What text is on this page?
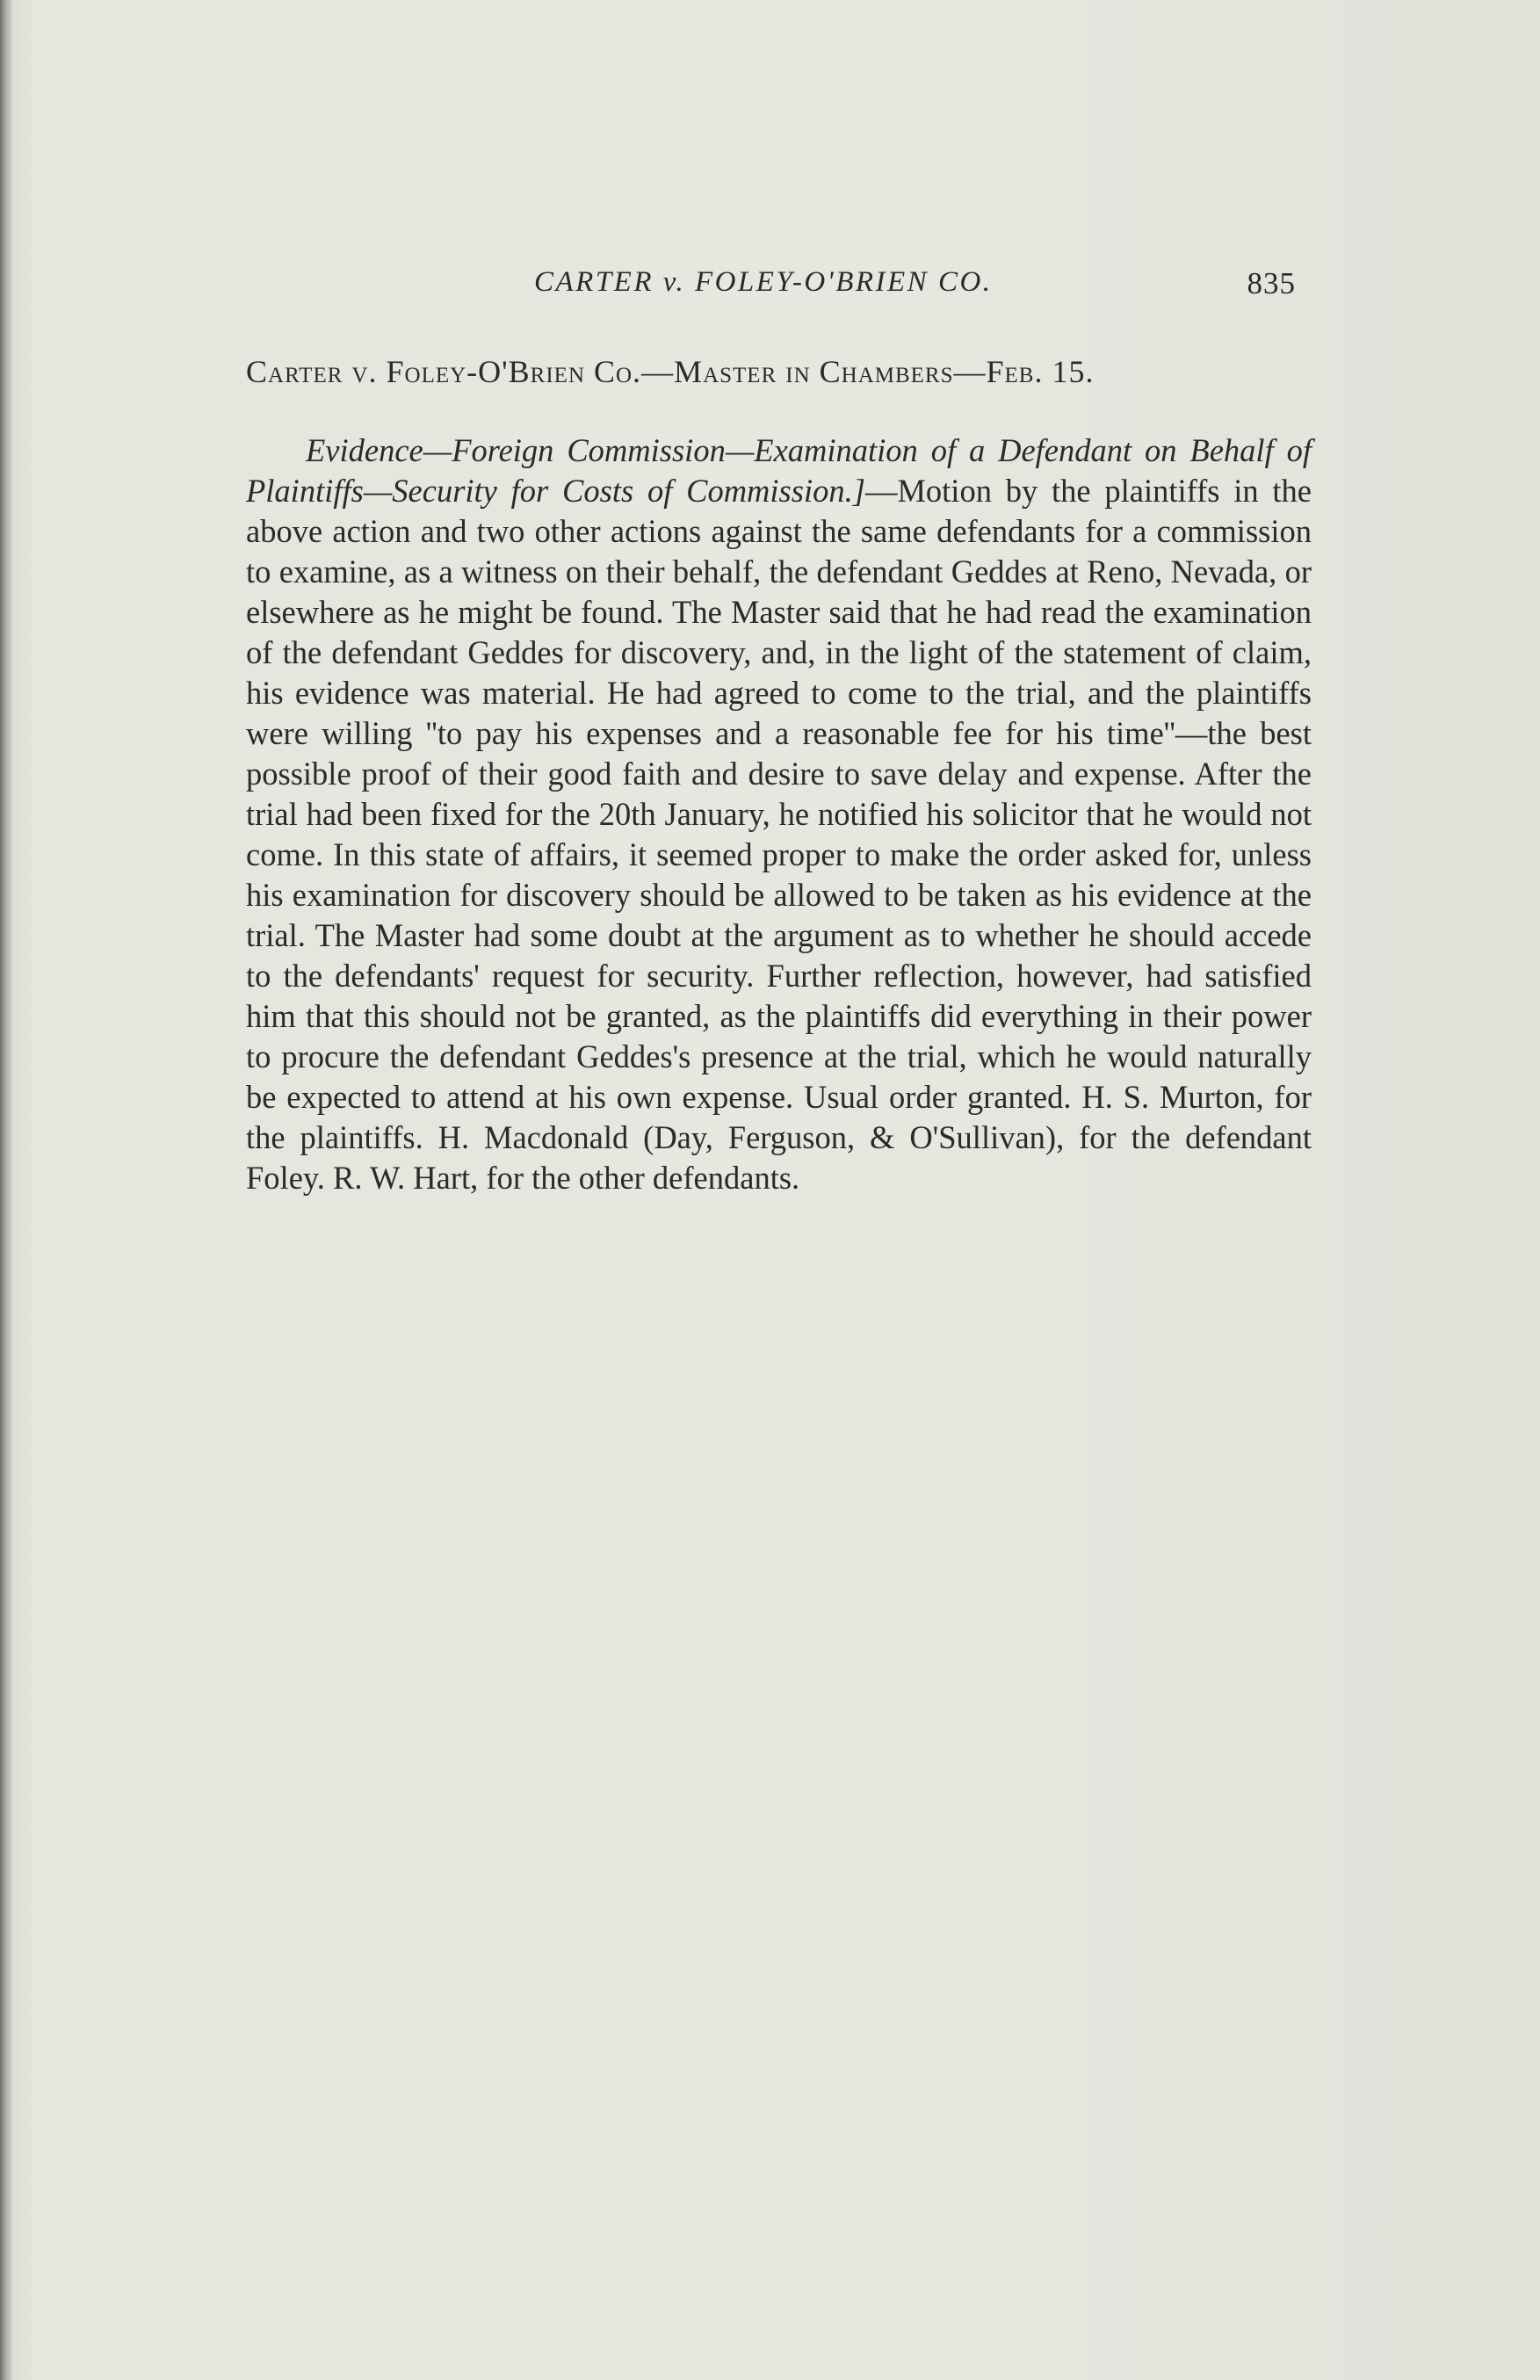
CARTER v. FOLEY-O'BRIEN CO.	835
Carter v. Foley-O'Brien Co.—Master in Chambers—Feb. 15.

Evidence—Foreign Commission—Examination of a Defendant on Behalf of Plaintiffs—Security for Costs of Commission.]—Motion by the plaintiffs in the above action and two other actions against the same defendants for a commission to examine, as a witness on their behalf, the defendant Geddes at Reno, Nevada, or elsewhere as he might be found. The Master said that he had read the examination of the defendant Geddes for discovery, and, in the light of the statement of claim, his evidence was material. He had agreed to come to the trial, and the plaintiffs were willing ''to pay his expenses and a reasonable fee for his time''—the best possible proof of their good faith and desire to save delay and expense. After the trial had been fixed for the 20th January, he notified his solicitor that he would not come. In this state of affairs, it seemed proper to make the order asked for, unless his examination for discovery should be allowed to be taken as his evidence at the trial. The Master had some doubt at the argument as to whether he should accede to the defendants' request for security. Further reflection, however, had satisfied him that this should not be granted, as the plaintiffs did everything in their power to procure the defendant Geddes's presence at the trial, which he would naturally be expected to attend at his own expense. Usual order granted. H. S. Murton, for the plaintiffs. H. Macdonald (Day, Ferguson, & O'Sullivan), for the defendant Foley. R. W. Hart, for the other defendants.
